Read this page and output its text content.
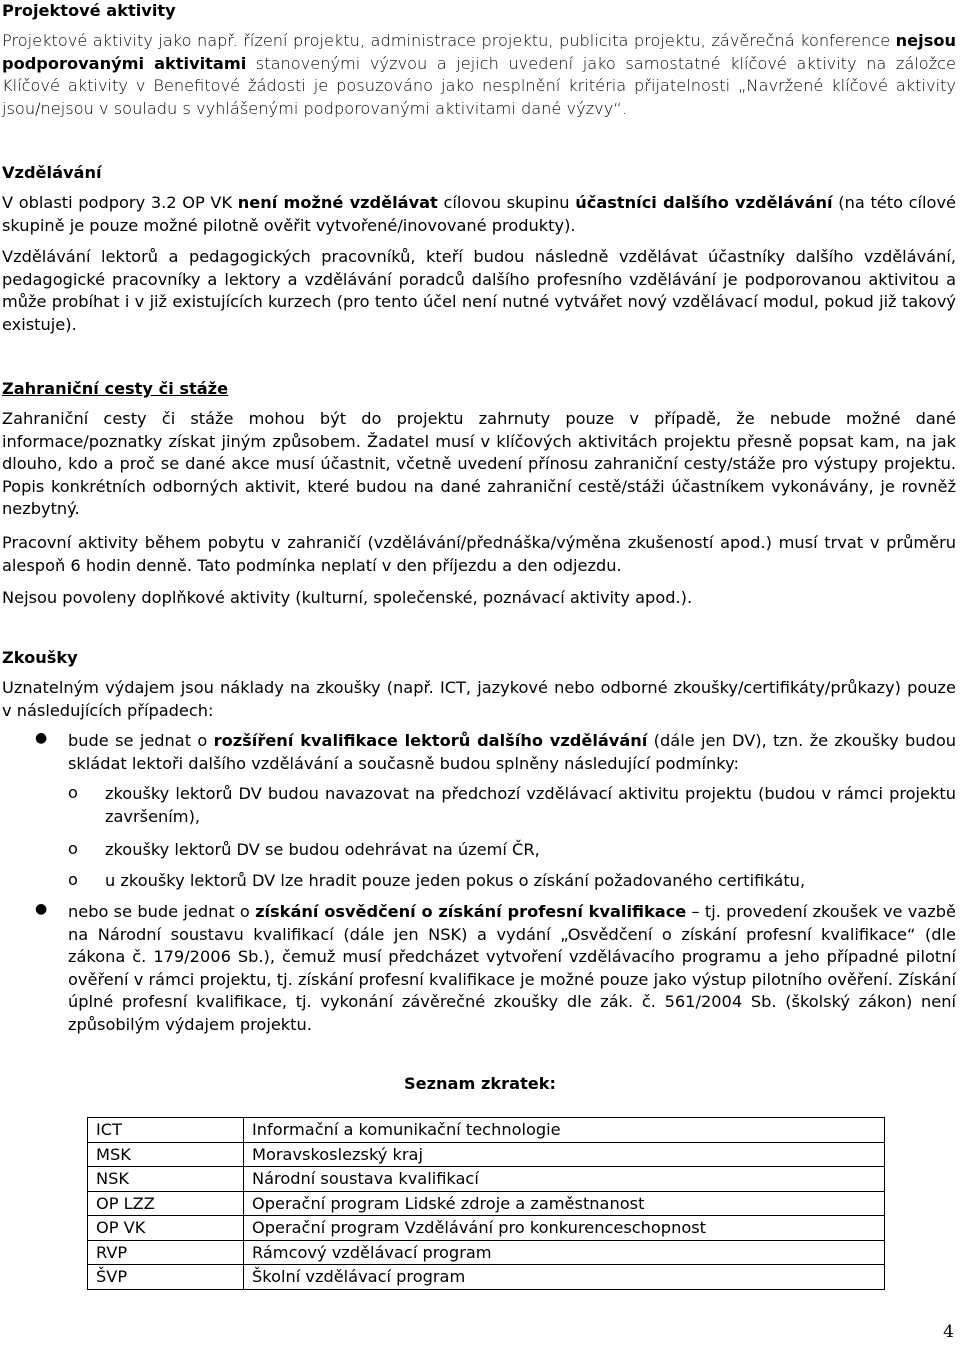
Projektové aktivity

Projektové aktivity jako např. řízení projektu, administrace projektu, publicita projektu, závěrečná konference nejsou podporovanými aktivitami stanovenými výzvou a jejich uvedení jako samostatné klíčové aktivity na záložce Klíčové aktivity v Benefitové žádosti je posuzováno jako nesplnění kritéria přijatelnosti „Navržené klíčové aktivity jsou/nejsou v souladu s vyhlášenými podporovanými aktivitami dané výzvy“.

Vzdělávání

V oblasti podpory 3.2 OP VK není možné vzdělávat cílovou skupinu účastníci dalšího vzdělávání (na této cílové skupině je pouze možné pilotně ověřit vytvořené/inovované produkty).

Vzdělávání lektorů a pedagogických pracovníků, kteří budou následně vzdělávat účastníky dalšího vzdělávání, pedagogické pracovníky a lektory a vzdělávání poradců dalšího profesního vzdělávání je podporovanou aktivitou a může probíhat i v již existujících kurzech (pro tento účel není nutné vytvářet nový vzdělávací modul, pokud již takový existuje).

Zahraniční cesty či stáže

Zahraniční cesty či stáže mohou být do projektu zahrnuty pouze v případě, že nebude možné dané informace/poznatky získat jiným způsobem. Žadatel musí v klíčových aktivitách projektu přesně popsat kam, na jak dlouho, kdo a proč se dané akce musí účastnit, včetně uvedení přínosu zahraniční cesty/stáže pro výstupy projektu. Popis konkrétních odborných aktivit, které budou na dané zahraniční cestě/stáži účastníkem vykonávány, je rovněž nezbytný.

Pracovní aktivity během pobytu v zahraničí (vzdělávání/přednáška/výměna zkušeností apod.) musí trvat v průměru alespoň 6 hodin denně. Tato podmínka neplatí v den příjezdu a den odjezdu.

Nejsou povoleny doplňkové aktivity (kulturní, společenské, poznávací aktivity apod.).

Zkoušky

Uznatelným výdajem jsou náklady na zkoušky (např. ICT, jazykové nebo odborné zkoušky/certifikáty/průkazy) pouze v následujících případech:

● bude se jednat o rozšíření kvalifikace lektorů dalšího vzdělávání (dále jen DV), tzn. že zkoušky budou skládat lektoři dalšího vzdělávání a současně budou splněny následující podmínky:

o zkoušky lektorů DV budou navazovat na předchozí vzdělávací aktivitu projektu (budou v rámci projektu završením),

o zkoušky lektorů DV se budou odehrávat na území ČR,

o u zkoušky lektorů DV lze hradit pouze jeden pokus o získání požadovaného certifikátu,

● nebo se bude jednat o získání osvědčení o získání profesní kvalifikace – tj. provedení zkoušek ve vazbě na Národní soustavu kvalifikací (dále jen NSK) a vydání „Osvědčení o získání profesní kvalifikace“ (dle zákona č. 179/2006 Sb.), čemuž musí předcházet vytvoření vzdělávacího programu a jeho případné pilotní ověření v rámci projektu, tj. získání profesní kvalifikace je možné pouze jako výstup pilotního ověření. Získání úplné profesní kvalifikace, tj. vykonání závěrečné zkoušky dle zák. č. 561/2004 Sb. (školský zákon) není způsobilým výdajem projektu.

Seznam zkratek:

ICT	Informační a komunikační technologie
MSK	Moravskoslezský kraj
NSK	Národní soustava kvalifikací
OP LZZ	Operační program Lidské zdroje a zaměstnanost
OP VK	Operační program Vzdělávání pro konkurenceschopnost
RVP	Rámcový vzdělávací program
ŠVP	Školní vzdělávací program
4
